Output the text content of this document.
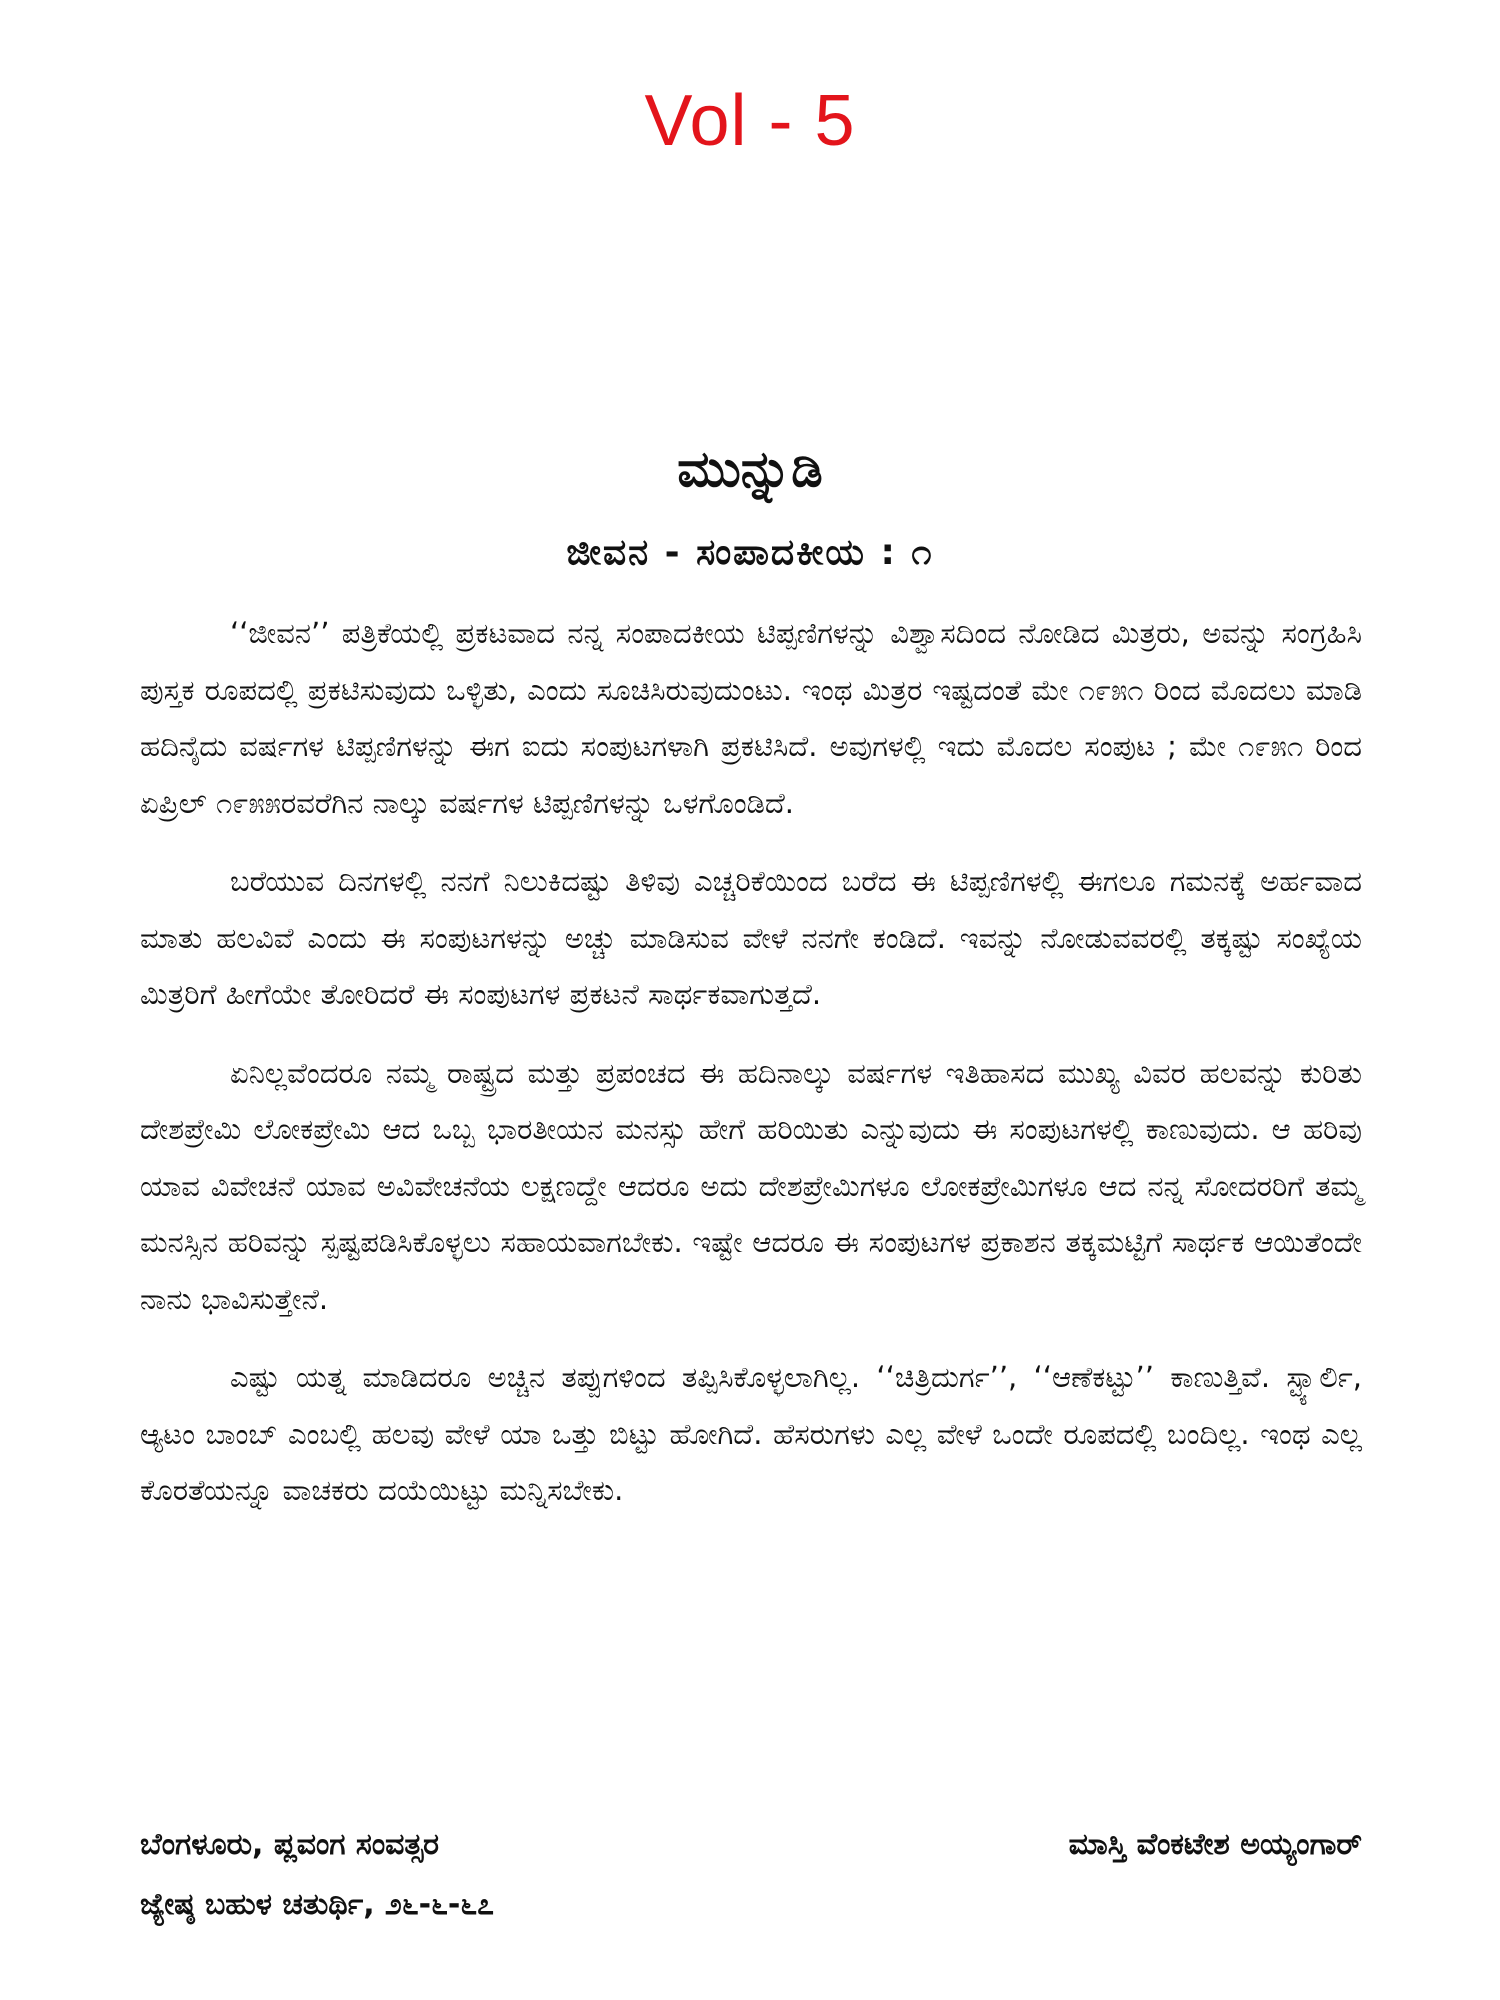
Vol - 5
ಮುನ್ನುಡಿ
ಜೀವನ - ಸಂಪಾದಕೀಯ : ೧

‘‘ಜೀವನ’’ ಪತ್ರಿಕೆಯಲ್ಲಿ ಪ್ರಕಟವಾದ ನನ್ನ ಸಂಪಾದಕೀಯ ಟಿಪ್ಪಣಿಗಳನ್ನು ವಿಶ್ವಾಸದಿಂದ ನೋಡಿದ ಮಿತ್ರರು, ಅವನ್ನು ಸಂಗ್ರಹಿಸಿ ಪುಸ್ತಕ ರೂಪದಲ್ಲಿ ಪ್ರಕಟಿಸುವುದು ಒಳ್ಳಿತು, ಎಂದು ಸೂಚಿಸಿರುವುದುಂಟು. ಇಂಥ ಮಿತ್ರರ ಇಷ್ಟದಂತೆ ಮೇ ೧೯೫೧ ರಿಂದ ಮೊದಲು ಮಾಡಿ ಹದಿನೈದು ವರ್ಷಗಳ ಟಿಪ್ಪಣಿಗಳನ್ನು ಈಗ ಐದು ಸಂಪುಟಗಳಾಗಿ ಪ್ರಕಟಿಸಿದೆ. ಅವುಗಳಲ್ಲಿ ಇದು ಮೊದಲ ಸಂಪುಟ ; ಮೇ ೧೯೫೧ ರಿಂದ ಏಪ್ರಿಲ್ ೧೯೫೫ರವರೆಗಿನ ನಾಲ್ಕು ವರ್ಷಗಳ ಟಿಪ್ಪಣಿಗಳನ್ನು ಒಳಗೊಂಡಿದೆ.

ಬರೆಯುವ ದಿನಗಳಲ್ಲಿ ನನಗೆ ನಿಲುಕಿದಷ್ಟು ತಿಳಿವು ಎಚ್ಚರಿಕೆಯಿಂದ ಬರೆದ ಈ ಟಿಪ್ಪಣಿಗಳಲ್ಲಿ ಈಗಲೂ ಗಮನಕ್ಕೆ ಅರ್ಹವಾದ ಮಾತು ಹಲವಿವೆ ಎಂದು ಈ ಸಂಪುಟಗಳನ್ನು ಅಚ್ಚು ಮಾಡಿಸುವ ವೇಳೆ ನನಗೇ ಕಂಡಿದೆ. ಇವನ್ನು ನೋಡುವವರಲ್ಲಿ ತಕ್ಕಷ್ಟು ಸಂಖ್ಯೆಯ ಮಿತ್ರರಿಗೆ ಹೀಗೆಯೇ ತೋರಿದರೆ ಈ ಸಂಪುಟಗಳ ಪ್ರಕಟನೆ ಸಾರ್ಥಕವಾಗುತ್ತದೆ.

ಏನಿಲ್ಲವೆಂದರೂ ನಮ್ಮ ರಾಷ್ಟ್ರದ ಮತ್ತು ಪ್ರಪಂಚದ ಈ ಹದಿನಾಲ್ಕು ವರ್ಷಗಳ ಇತಿಹಾಸದ ಮುಖ್ಯ ವಿವರ ಹಲವನ್ನು ಕುರಿತು ದೇಶಪ್ರೇಮಿ ಲೋಕಪ್ರೇಮಿ ಆದ ಒಬ್ಬ ಭಾರತೀಯನ ಮನಸ್ಸು ಹೇಗೆ ಹರಿಯಿತು ಎನ್ನುವುದು ಈ ಸಂಪುಟಗಳಲ್ಲಿ ಕಾಣುವುದು. ಆ ಹರಿವು ಯಾವ ವಿವೇಚನೆ ಯಾವ ಅವಿವೇಚನೆಯ ಲಕ್ಷಣದ್ದೇ ಆದರೂ ಅದು ದೇಶಪ್ರೇಮಿಗಳೂ ಲೋಕಪ್ರೇಮಿಗಳೂ ಆದ ನನ್ನ ಸೋದರರಿಗೆ ತಮ್ಮ ಮನಸ್ಸಿನ ಹರಿವನ್ನು ಸ್ಪಷ್ಟಪಡಿಸಿಕೊಳ್ಳಲು ಸಹಾಯವಾಗಬೇಕು. ಇಷ್ಟೇ ಆದರೂ ಈ ಸಂಪುಟಗಳ ಪ್ರಕಾಶನ ತಕ್ಕಮಟ್ಟಿಗೆ ಸಾರ್ಥಕ ಆಯಿತೆಂದೇ ನಾನು ಭಾವಿಸುತ್ತೇನೆ.

ಎಷ್ಟು ಯತ್ನ ಮಾಡಿದರೂ ಅಚ್ಚಿನ ತಪ್ಪುಗಳಿಂದ ತಪ್ಪಿಸಿಕೊಳ್ಳಲಾಗಿಲ್ಲ. ‘‘ಚಿತ್ರಿದುರ್ಗ’’, ‘‘ಆಣೆಕಟ್ಟು’’ ಕಾಣುತ್ತಿವೆ. ಸ್ಟ್ಯಾರ್ಲಿ, ಆ್ಯಟಂ ಬಾಂಬ್ ಎಂಬಲ್ಲಿ ಹಲವು ವೇಳೆ ಯಾ ಒತ್ತು ಬಿಟ್ಟು ಹೋಗಿದೆ. ಹೆಸರುಗಳು ಎಲ್ಲ ವೇಳೆ ಒಂದೇ ರೂಪದಲ್ಲಿ ಬಂದಿಲ್ಲ. ಇಂಥ ಎಲ್ಲ ಕೊರತೆಯನ್ನೂ ವಾಚಕರು ದಯೆಯಿಟ್ಟು ಮನ್ನಿಸಬೇಕು.

ಬೆಂಗಳೂರು, ಪ್ಲವಂಗ ಸಂವತ್ಸರ	ಮಾಸ್ತಿ ವೆಂಕಟೇಶ ಅಯ್ಯಂಗಾರ್
ಜ್ಯೇಷ್ಠ ಬಹುಳ ಚತುರ್ಥಿ, ೨೬-೬-೬೭
